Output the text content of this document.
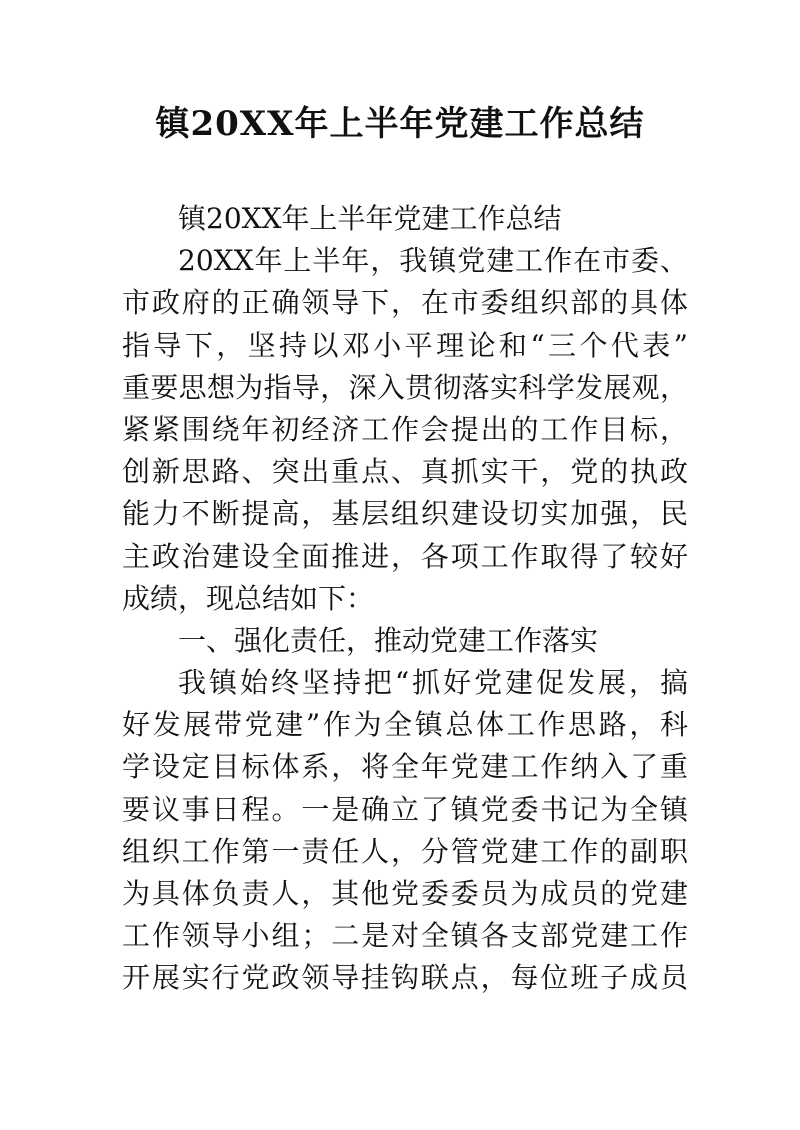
镇20XX年上半年党建工作总结
镇20XX年上半年党建工作总结
20XX年上半年，我镇党建工作在市委、
市政府的正确领导下，在市委组织部的具体
指导下，坚持以邓小平理论和“三个代表”
重要思想为指导，深入贯彻落实科学发展观，
紧紧围绕年初经济工作会提出的工作目标，
创新思路、突出重点、真抓实干，党的执政
能力不断提高，基层组织建设切实加强，民
主政治建设全面推进，各项工作取得了较好
成绩，现总结如下：
一、强化责任，推动党建工作落实
我镇始终坚持把“抓好党建促发展，搞
好发展带党建”作为全镇总体工作思路，科
学设定目标体系，将全年党建工作纳入了重
要议事日程。一是确立了镇党委书记为全镇
组织工作第一责任人，分管党建工作的副职
为具体负责人，其他党委委员为成员的党建
工作领导小组；二是对全镇各支部党建工作
开展实行党政领导挂钩联点，每位班子成员
